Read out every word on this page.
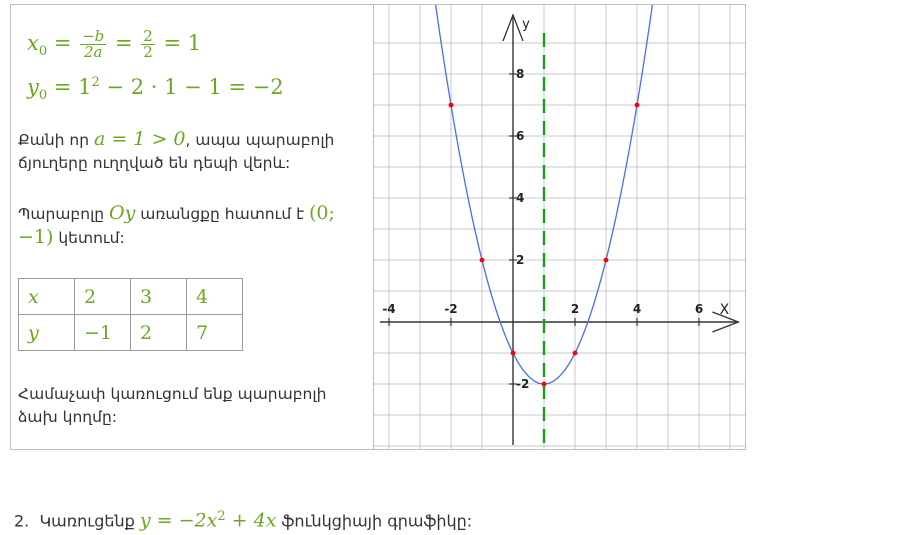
$x_0 = \frac{-b}{2a} = \frac{2}{2} = 1$
$y_0 = 1^2 - 2 \cdot 1 - 1 = -2$
Քանի որ a = 1 > 0, ապա պարաբոլի ճյուղերը ուղղված են դեպի վերև:
Պարաբոլը Oy առանցքը հատում է (0; −1) կետում:
x	2	3	4
y	−1	2	7
Համաչափ կառուցում ենք պարաբոլի ձախ կողմը:
-4	-2	2	4	6
-2
2
4
6
8
X
y
2. Կառուցենք $y = -2x^2 + 4x$ ֆունկցիայի գրաֆիկը:
